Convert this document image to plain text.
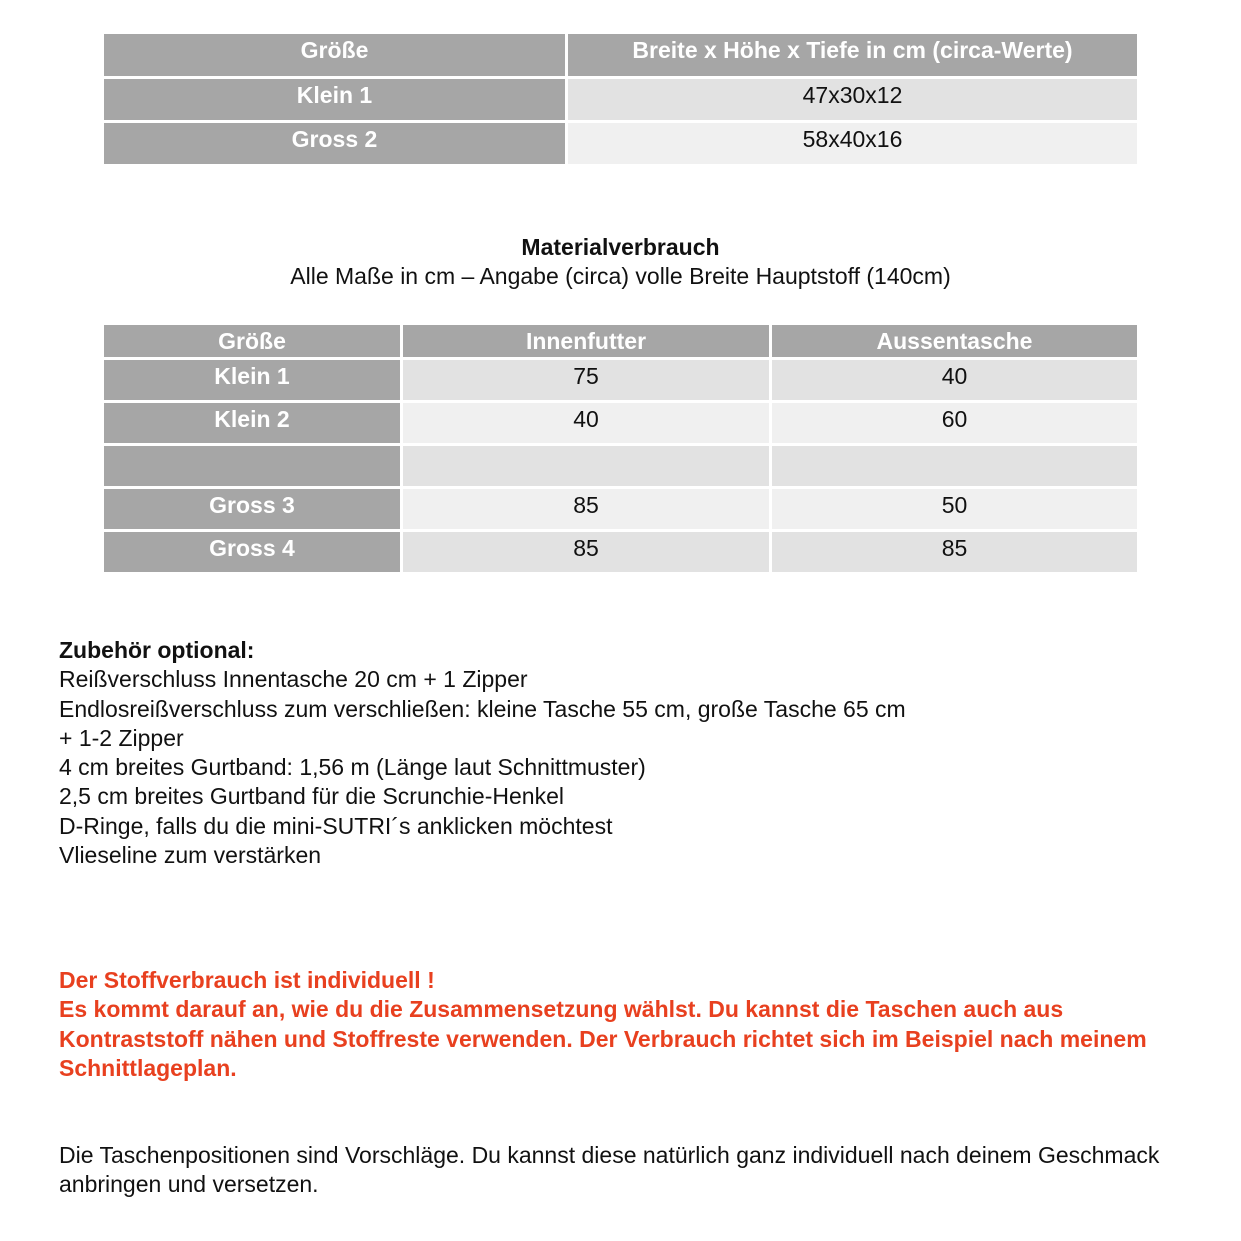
Größe	Breite x Höhe x Tiefe in cm (circa-Werte)
Klein 1	47x30x12
Gross 2	58x40x16
Materialverbrauch
Alle Maße in cm – Angabe (circa) volle Breite Hauptstoff (140cm)
Größe	Innenfutter	Aussentasche
Klein 1	75	40
Klein 2	40	60

Gross 3	85	50
Gross 4	85	85
Zubehör optional:
Reißverschluss Innentasche 20 cm + 1 Zipper
Endlosreißverschluss zum verschließen: kleine Tasche 55 cm, große Tasche 65 cm
+ 1-2 Zipper
4 cm breites Gurtband: 1,56 m (Länge laut Schnittmuster)
2,5 cm breites Gurtband für die Scrunchie-Henkel
D-Ringe, falls du die mini-SUTRI´s anklicken möchtest
Vlieseline zum verstärken
Der Stoffverbrauch ist individuell !
Es kommt darauf an, wie du die Zusammensetzung wählst. Du kannst die Taschen auch aus Kontraststoff nähen und Stoffreste verwenden. Der Verbrauch richtet sich im Beispiel nach meinem Schnittlageplan.
Die Taschenpositionen sind Vorschläge. Du kannst diese natürlich ganz individuell nach deinem Geschmack anbringen und versetzen.
